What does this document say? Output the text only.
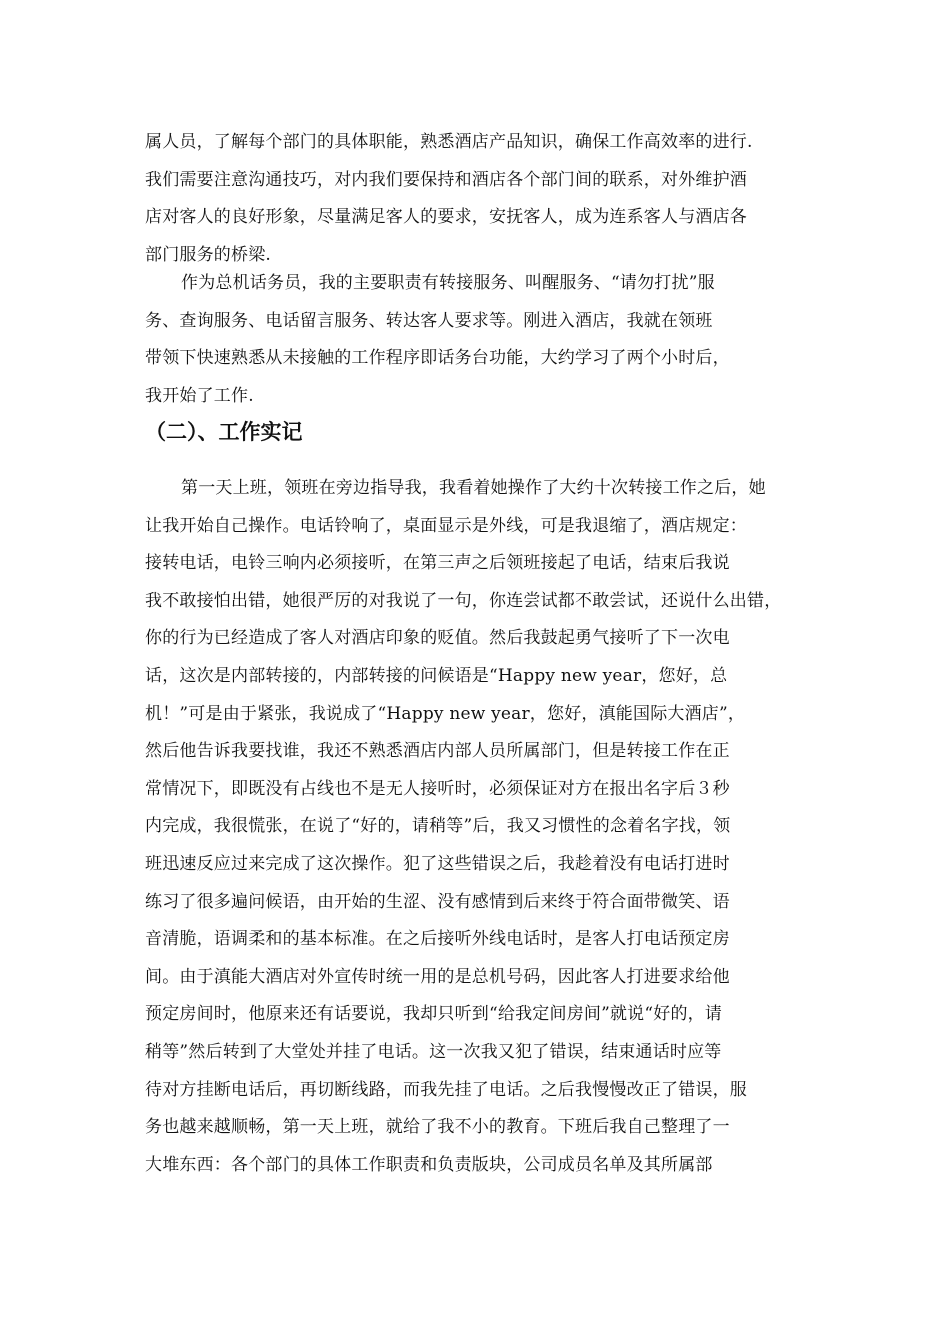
属人员，了解每个部门的具体职能，熟悉酒店产品知识，确保工作高效率的进行.
我们需要注意沟通技巧，对内我们要保持和酒店各个部门间的联系，对外维护酒
店对客人的良好形象，尽量满足客人的要求，安抚客人，成为连系客人与酒店各
部门服务的桥梁.
作为总机话务员，我的主要职责有转接服务、叫醒服务、“请勿打扰”服
务、查询服务、电话留言服务、转达客人要求等。刚进入酒店，我就在领班
带领下快速熟悉从未接触的工作程序即话务台功能，大约学习了两个小时后，
我开始了工作.
（二）、工作实记
第一天上班，领班在旁边指导我，我看着她操作了大约十次转接工作之后，她
让我开始自己操作。电话铃响了，桌面显示是外线，可是我退缩了，酒店规定：
接转电话，电铃三响内必须接听，在第三声之后领班接起了电话，结束后我说
我不敢接怕出错，她很严厉的对我说了一句，你连尝试都不敢尝试，还说什么出错，
你的行为已经造成了客人对酒店印象的贬值。然后我鼓起勇气接听了下一次电
话，这次是内部转接的，内部转接的问候语是“Happy new year，您好，总
机！”可是由于紧张，我说成了“Happy new year，您好，滇能国际大酒店”，
然后他告诉我要找谁，我还不熟悉酒店内部人员所属部门，但是转接工作在正
常情况下，即既没有占线也不是无人接听时，必须保证对方在报出名字后３秒
内完成，我很慌张，在说了“好的，请稍等”后，我又习惯性的念着名字找，领
班迅速反应过来完成了这次操作。犯了这些错误之后，我趁着没有电话打进时
练习了很多遍问候语，由开始的生涩、没有感情到后来终于符合面带微笑、语
音清脆，语调柔和的基本标准。在之后接听外线电话时，是客人打电话预定房
间。由于滇能大酒店对外宣传时统一用的是总机号码，因此客人打进要求给他
预定房间时，他原来还有话要说，我却只听到“给我定间房间”就说“好的，请
稍等”然后转到了大堂处并挂了电话。这一次我又犯了错误，结束通话时应等
待对方挂断电话后，再切断线路，而我先挂了电话。之后我慢慢改正了错误，服
务也越来越顺畅，第一天上班，就给了我不小的教育。下班后我自己整理了一
大堆东西：各个部门的具体工作职责和负责版块，公司成员名单及其所属部
